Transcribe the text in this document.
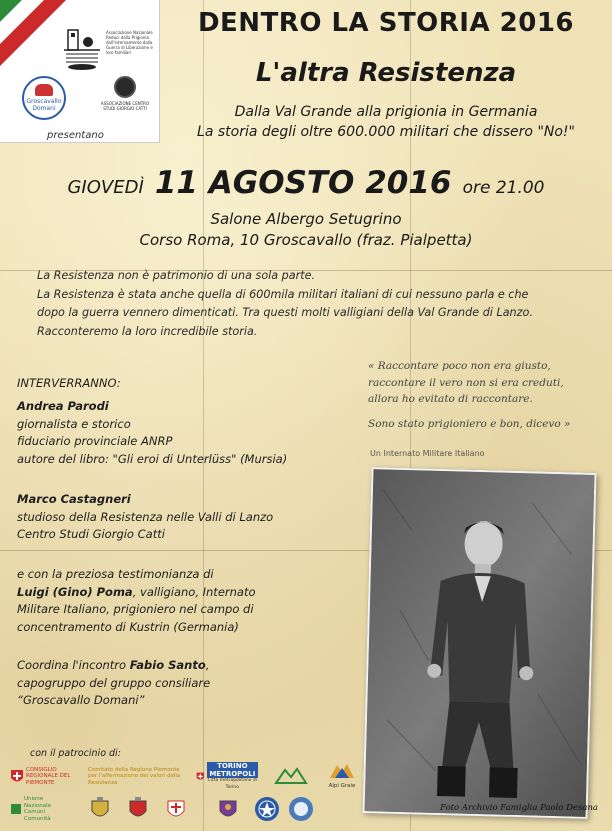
Associazione Nazionale Reduci dalla Prigionia dall'Internamento dalla Guerra di Liberazione e loro familiari
Groscavallo Domani
ASSOCIAZIONE CENTRO STUDI GIORGIO CATTI
presentano
DENTRO LA STORIA 2016
L'altra Resistenza
Dalla Val Grande alla prigionia in Germania
La storia degli oltre 600.000 militari che dissero "No!"
GIOVEDÌ 11 AGOSTO 2016 ore 21.00
Salone Albergo Setugrino
Corso Roma, 10 Groscavallo (fraz. Pialpetta)
La Resistenza non è patrimonio di una sola parte.
La Resistenza è stata anche quella di 600mila militari italiani di cui nessuno parla e che
dopo la guerra vennero dimenticati. Tra questi molti valligiani della Val Grande di Lanzo.
Racconteremo la loro incredibile storia.
INTERVERRANNO:
Andrea Parodi
giornalista e storico
fiduciario provinciale ANRP
autore del libro: "Gli eroi di Unterlüss" (Mursia)
Marco Castagneri
studioso della Resistenza nelle Valli di Lanzo
Centro Studi Giorgio Catti
e con la preziosa testimonianza di
Luigi (Gino) Poma, valligiano, Internato
Militare Italiano, prigioniero nel campo di
concentramento di Kustrin (Germania)
Coordina l'incontro Fabio Santo,
capogruppo del gruppo consiliare
“Groscavallo Domani”
« Raccontare poco non era giusto,
raccontare il vero non si era creduti,
allora ho evitato di raccontare.
Sono stato prigioniero e bon, dicevo »
Un Internato Militare Italiano
Foto Archivio Famiglia Paolo Desana
con il patrocinio di:
CONSIGLIO REGIONALE DEL PIEMONTE
Comitato della Regione Piemonte per l'affermazione dei valori della Resistenza
TORINO METROPOLI
Città metropolitana di Torino	Alpi Graie
Unione Nazionale Comuni Comunità
